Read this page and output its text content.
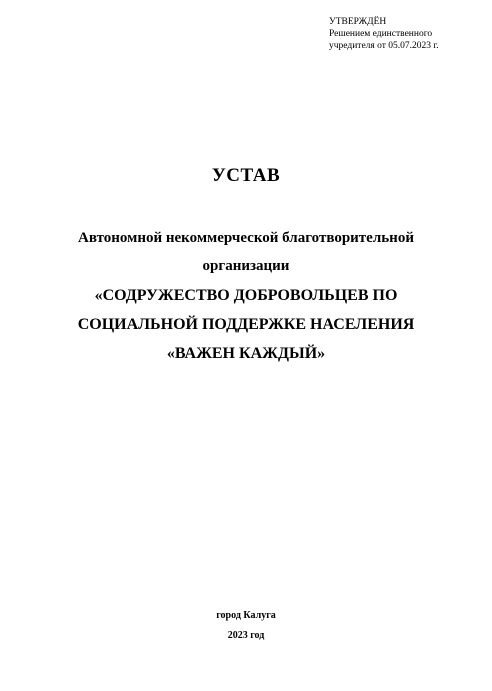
УТВЕРЖДЁН
Решением единственного
учредителя от 05.07.2023 г.
УСТАВ
Автономной некоммерческой благотворительной
организации
«СОДРУЖЕСТВО ДОБРОВОЛЬЦЕВ ПО
СОЦИАЛЬНОЙ ПОДДЕРЖКЕ НАСЕЛЕНИЯ
«ВАЖЕН КАЖДЫЙ»
город Калуга
2023 год
